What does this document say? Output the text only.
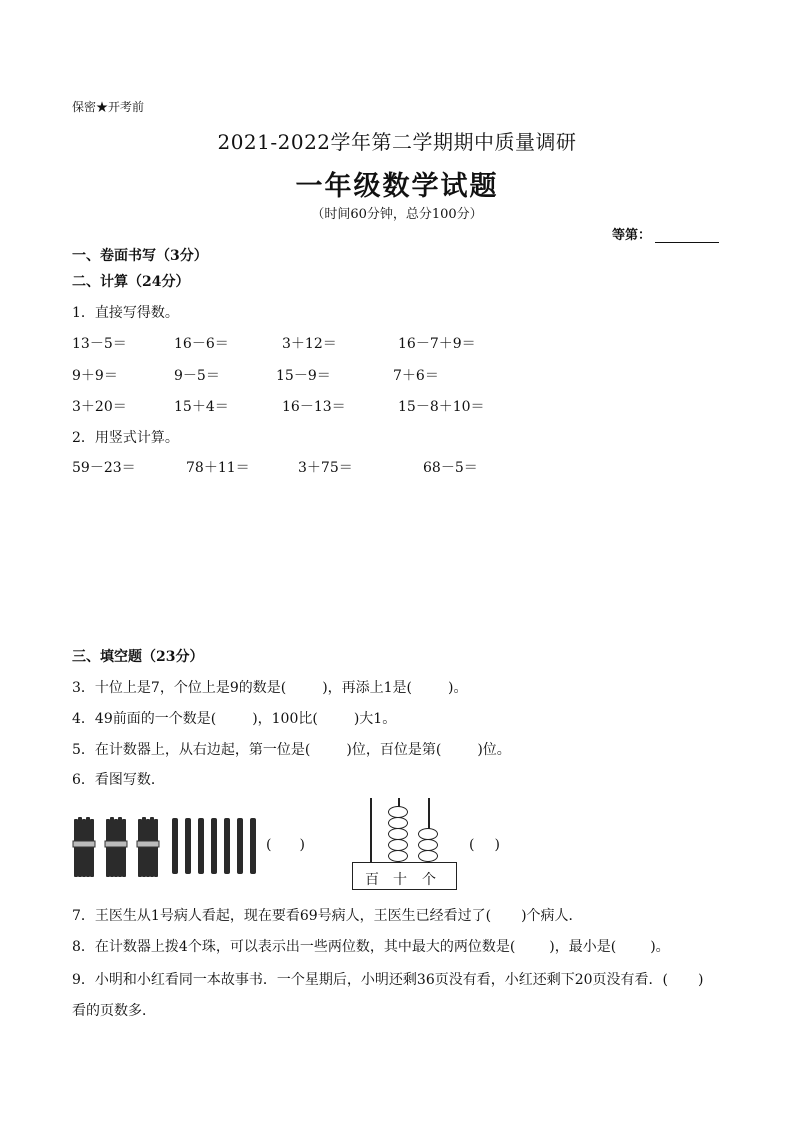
保密★开考前
2021-2022学年第二学期期中质量调研
一年级数学试题
（时间60分钟，总分100分）
等第：
一、卷面书写（3分）
二、计算（24分）
1．直接写得数。
13－5＝	16－6＝	3＋12＝	16－7＋9＝
9＋9＝	9－5＝	15－9＝	7＋6＝
3＋20＝	15＋4＝	16－13＝	15－8＋10＝
2．用竖式计算。
59－23＝	78＋11＝	3＋75＝	68－5＝
三、填空题（23分）
3．十位上是7，个位上是9的数是(	)，再添上1是(	)。
4．49前面的一个数是(	)，100比(	)大1。
5．在计数器上，从右边起，第一位是(	)位，百位是第(	)位。
6．看图写数．
( )
百 十 个
( )
7．王医生从1号病人看起，现在要看69号病人，王医生已经看过了( )个病人．
8．在计数器上拨4个珠，可以表示出一些两位数，其中最大的两位数是( )，最小是( )。
9．小明和小红看同一本故事书．一个星期后，小明还剩36页没有看，小红还剩下20页没有看．( )
看的页数多．
